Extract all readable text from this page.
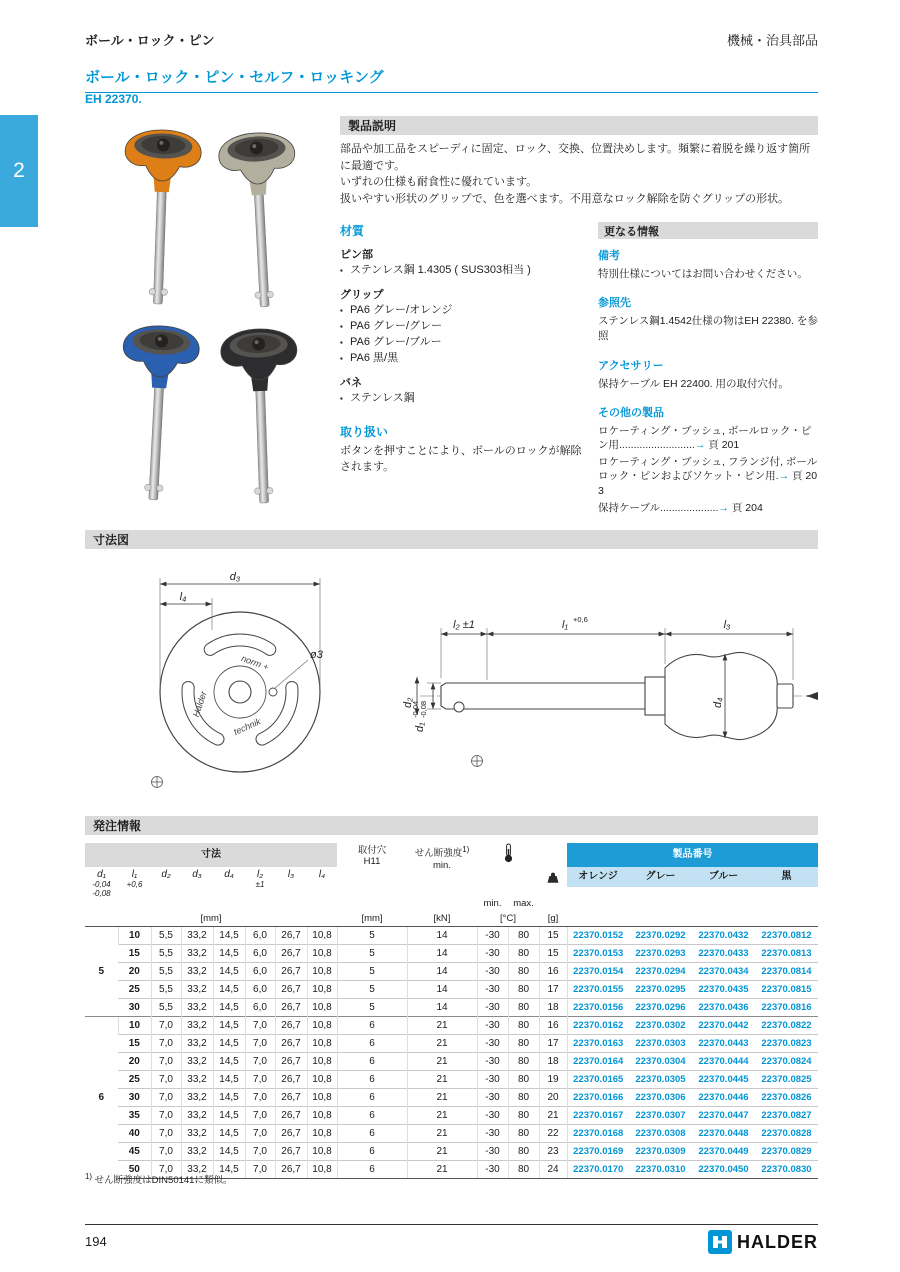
ボール・ロック・ピン	機械・治具部品
ボール・ロック・ピン・セルフ・ロッキング
EH 22370.
2
製品説明

部品や加工品をスピーディに固定、ロック、交換、位置決めします。頻繁に着脱を繰り返す箇所に最適です。

いずれの仕様も耐食性に優れています。

扱いやすい形状のグリップで、色を選べます。不用意なロック解除を防ぐグリップの形状。

材質
ピン部
▪ ステンレス鋼 1.4305 ( SUS303相当 )
グリップ
▪ PA6 グレー/オレンジ
▪ PA6 グレー/グレー
▪ PA6 グレー/ブルー
▪ PA6 黒/黒
バネ
▪ ステンレス鋼
取り扱い

ボタンを押すことにより、ボールのロックが解除されます。

更なる情報
備考

特別仕様についてはお問い合わせください。

参照先

ステンレス鋼1.4542仕様の物はEH 22380. を参照

アクセサリー

保持ケーブル EH 22400. 用の取付穴付。

その他の製品
ロケーティング・ブッシュ, ボールロック・ピン用..........................→ 頁 201
ロケーティング・ブッシュ, フランジ付, ボールロック・ピンおよびソケット・ピン用.→ 頁 203
保持ケーブル....................→ 頁 204
寸法図
Halder
norm +
technik
d₃
l₄
ø3
l₂ ±1	l₁ +0,6	l₃
d₁
-0,04 -0,08
d₂	d₄
発注情報
寸法	取付穴
H11

せん断強度$^{1)}$
min.
			製品番号

d₁
-0,04
-0,08

l₁
+0,6
	d₂	d₃	d₄	l₂
±1
	l₃	l₄	min.	max.	オレンジ	グレー	ブルー	黒
[mm]								[mm]	[kN]	[°C]		[g]				
5	10	5,5	33,2	14,5	6,0	26,7	10,8	5	14	-30	80	15	22370.0152	22370.0292	22370.0432	22370.0812
	15	5,5	33,2	14,5	6,0	26,7	10,8	5	14	-30	80	15	22370.0153	22370.0293	22370.0433	22370.0813
	20	5,5	33,2	14,5	6,0	26,7	10,8	5	14	-30	80	16	22370.0154	22370.0294	22370.0434	22370.0814
	25	5,5	33,2	14,5	6,0	26,7	10,8	5	14	-30	80	17	22370.0155	22370.0295	22370.0435	22370.0815
	30	5,5	33,2	14,5	6,0	26,7	10,8	5	14	-30	80	18	22370.0156	22370.0296	22370.0436	22370.0816
6	10	7,0	33,2	14,5	7,0	26,7	10,8	6	21	-30	80	16	22370.0162	22370.0302	22370.0442	22370.0822
	15	7,0	33,2	14,5	7,0	26,7	10,8	6	21	-30	80	17	22370.0163	22370.0303	22370.0443	22370.0823
	20	7,0	33,2	14,5	7,0	26,7	10,8	6	21	-30	80	18	22370.0164	22370.0304	22370.0444	22370.0824
	25	7,0	33,2	14,5	7,0	26,7	10,8	6	21	-30	80	19	22370.0165	22370.0305	22370.0445	22370.0825
	30	7,0	33,2	14,5	7,0	26,7	10,8	6	21	-30	80	20	22370.0166	22370.0306	22370.0446	22370.0826
	35	7,0	33,2	14,5	7,0	26,7	10,8	6	21	-30	80	21	22370.0167	22370.0307	22370.0447	22370.0827
	40	7,0	33,2	14,5	7,0	26,7	10,8	6	21	-30	80	22	22370.0168	22370.0308	22370.0448	22370.0828
	45	7,0	33,2	14,5	7,0	26,7	10,8	6	21	-30	80	23	22370.0169	22370.0309	22370.0449	22370.0829
	50	7,0	33,2	14,5	7,0	26,7	10,8	6	21	-30	80	24	22370.0170	22370.0310	22370.0450	22370.0830
$^{1)}$ せん断強度はDIN50141に類似。
194	HALDER
